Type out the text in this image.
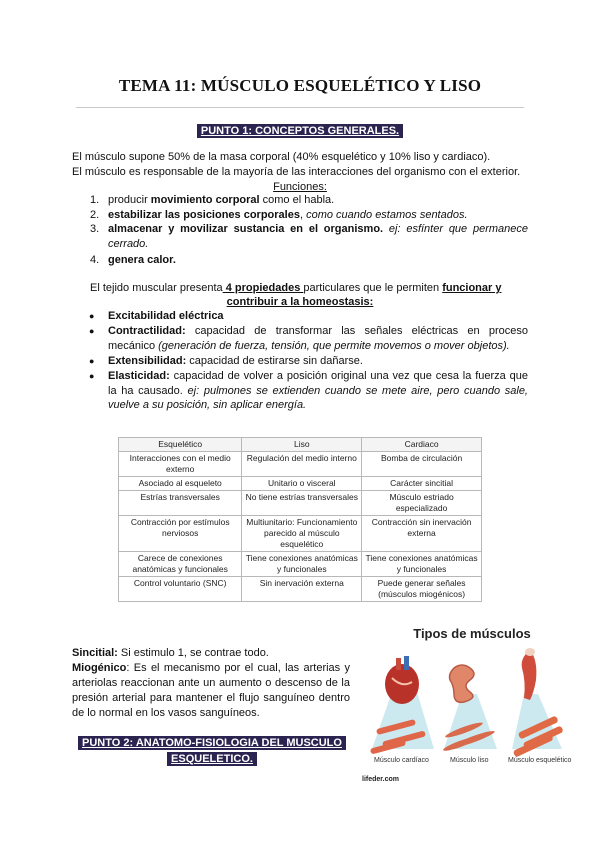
TEMA 11: MÚSCULO ESQUELÉTICO Y LISO
PUNTO 1: CONCEPTOS GENERALES.
El músculo supone 50% de la masa corporal (40% esquelético y 10% liso y cardiaco).
El músculo es responsable de la mayoría de las interacciones del organismo con el exterior.
Funciones:
1. producir movimiento corporal como el habla.
2. estabilizar las posiciones corporales, como cuando estamos sentados.
3. almacenar y movilizar sustancia en el organismo. ej: esfínter que permanece cerrado.
4. genera calor.
El tejido muscular presenta 4 propiedades particulares que le permiten funcionar y
contribuir a la homeostasis:
● Excitabilidad eléctrica
● Contractilidad: capacidad de transformar las señales eléctricas en proceso mecánico (generación de fuerza, tensión, que permite movemos o mover objetos).
● Extensibilidad: capacidad de estirarse sin dañarse.
● Elasticidad: capacidad de volver a posición original una vez que cesa la fuerza que la ha causado. ej: pulmones se extienden cuando se mete aire, pero cuando sale, vuelve a su posición, sin aplicar energía.
Esquelético	Liso	Cardiaco
Interacciones con el medio externo	Regulación del medio interno	Bomba de circulación
Asociado al esqueleto	Unitario o visceral	Carácter sincitial
Estrías transversales	No tiene estrías transversales	Músculo estriado especializado
Contracción por estímulos nerviosos	Multiunitario: Funcionamiento parecido al músculo esquelético	Contracción sin inervación externa
Carece de conexiones anatómicas y funcionales	Tiene conexiones anatómicas y funcionales	Tiene conexiones anatómicas y funcionales
Control voluntario (SNC)	Sin inervación externa	Puede generar señales (músculos miogénicos)
Sincitial: Si estimulo 1, se contrae todo.
Miogénico: Es el mecanismo por el cual, las arterias y arteriolas reaccionan ante un aumento o descenso de la presión arterial para mantener el flujo sanguíneo dentro de lo normal en los vasos sanguíneos.
PUNTO 2: ANATOMO-FISIOLOGIA DEL MUSCULO
ESQUELETICO.
Tipos de músculos
Músculo cardíaco	Músculo liso	Músculo esquelético
lifeder.com
